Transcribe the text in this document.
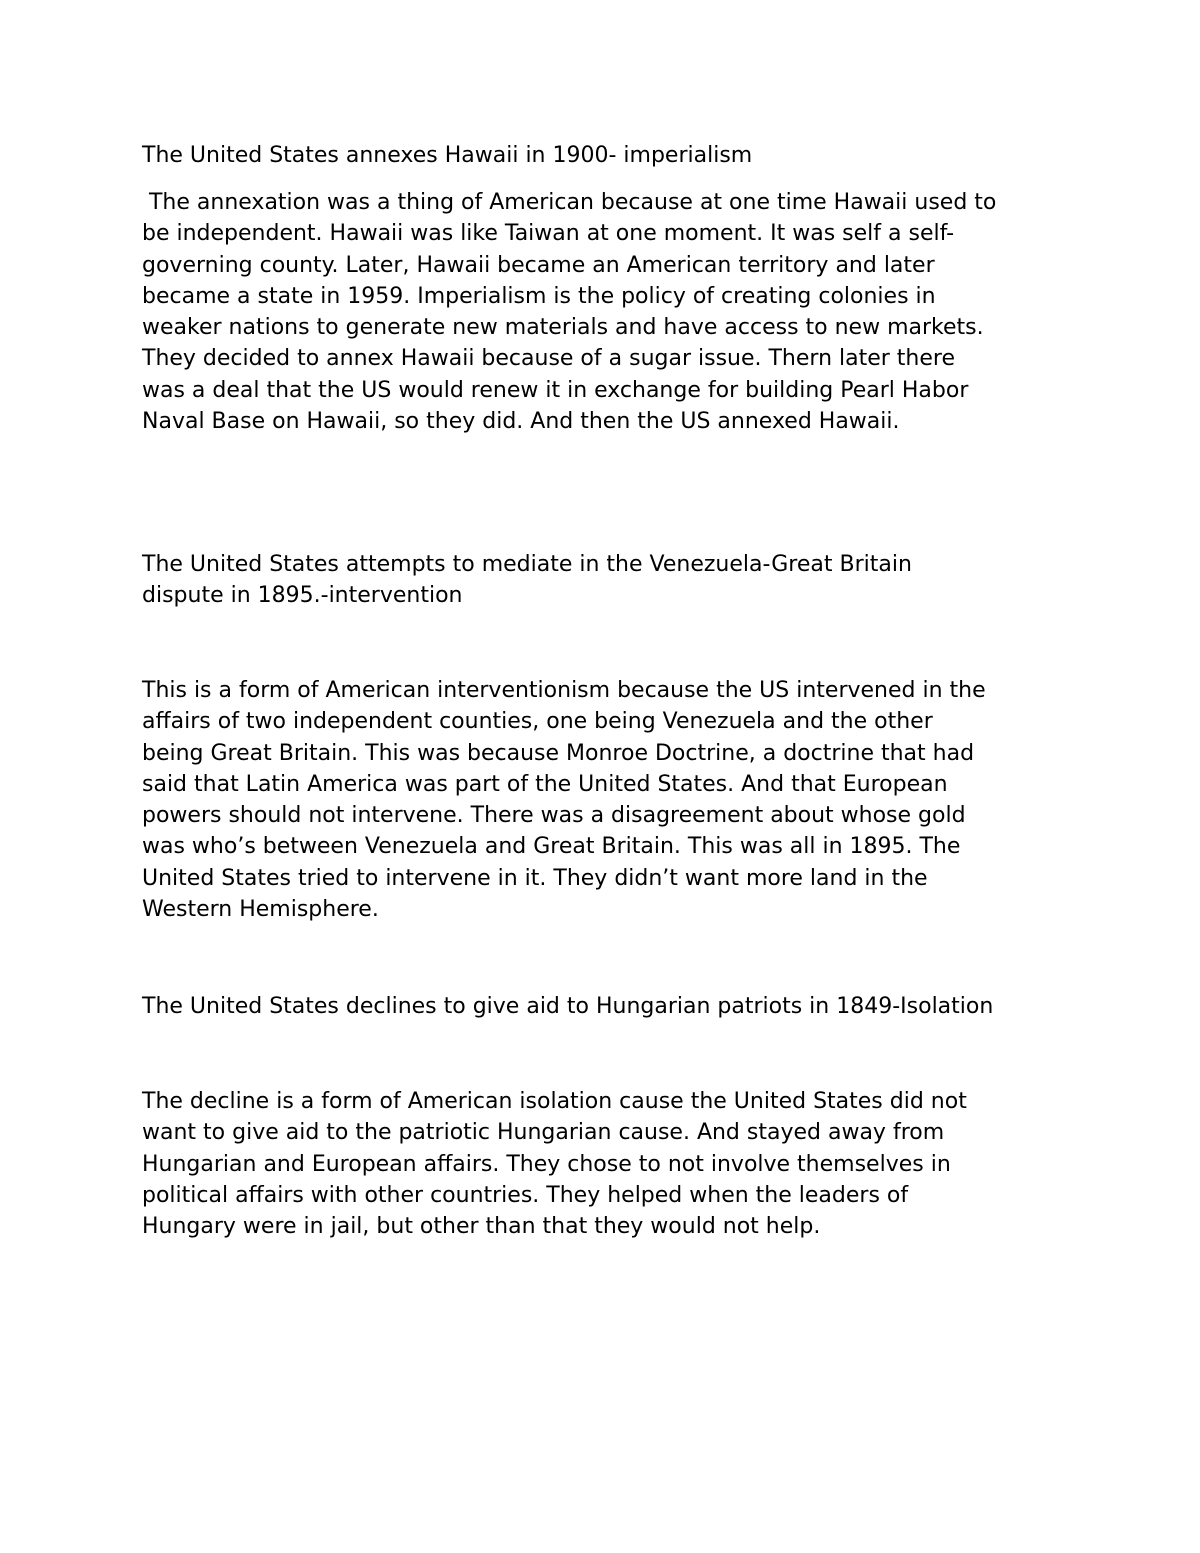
The United States annexes Hawaii in 1900- imperialism
The annexation was a thing of American because at one time Hawaii used to
be independent. Hawaii was like Taiwan at one moment. It was self a self-
governing county. Later, Hawaii became an American territory and later
became a state in 1959. Imperialism is the policy of creating colonies in
weaker nations to generate new materials and have access to new markets.
They decided to annex Hawaii because of a sugar issue. Thern later there
was a deal that the US would renew it in exchange for building Pearl Habor
Naval Base on Hawaii, so they did. And then the US annexed Hawaii.
The United States attempts to mediate in the Venezuela-Great Britain
dispute in 1895.-intervention
This is a form of American interventionism because the US intervened in the
affairs of two independent counties, one being Venezuela and the other
being Great Britain. This was because Monroe Doctrine, a doctrine that had
said that Latin America was part of the United States. And that European
powers should not intervene. There was a disagreement about whose gold
was who’s between Venezuela and Great Britain. This was all in 1895. The
United States tried to intervene in it. They didn’t want more land in the
Western Hemisphere.
The United States declines to give aid to Hungarian patriots in 1849-Isolation
The decline is a form of American isolation cause the United States did not
want to give aid to the patriotic Hungarian cause. And stayed away from
Hungarian and European affairs. They chose to not involve themselves in
political affairs with other countries. They helped when the leaders of
Hungary were in jail, but other than that they would not help.
